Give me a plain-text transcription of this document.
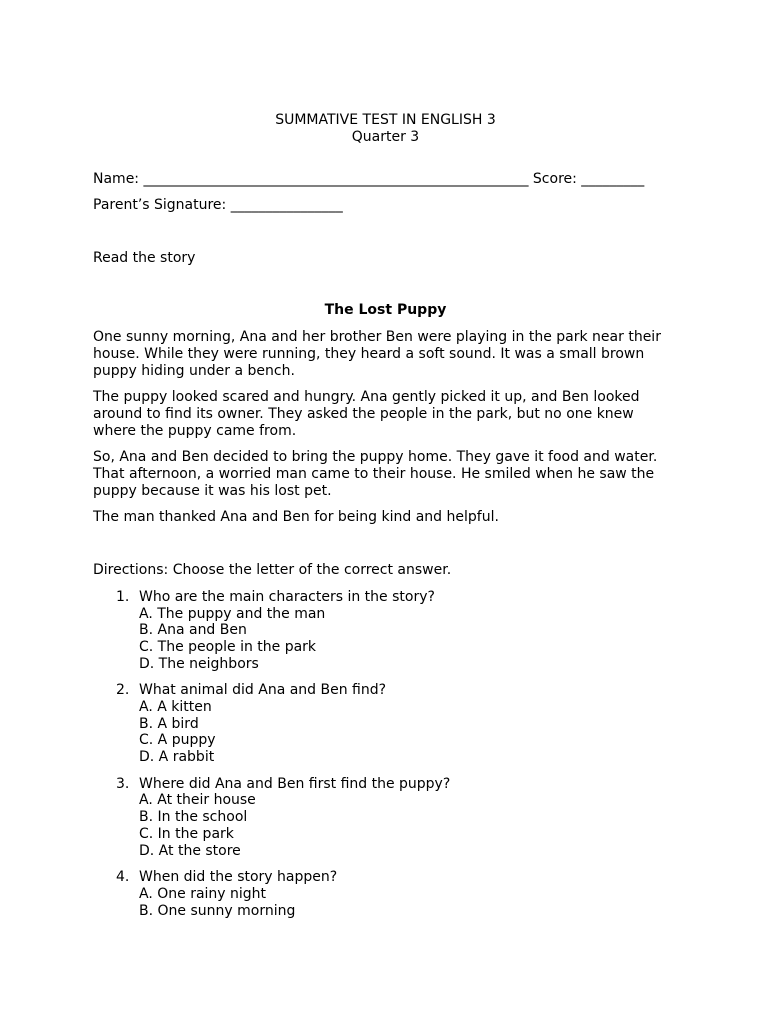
SUMMATIVE TEST IN ENGLISH 3
Quarter 3
Name: _______________________________________________________ Score: _________
Parent’s Signature: ________________
Read the story
The Lost Puppy

One sunny morning, Ana and her brother Ben were playing in the park near their house. While they were running, they heard a soft sound. It was a small brown puppy hiding under a bench.

The puppy looked scared and hungry. Ana gently picked it up, and Ben looked around to find its owner. They asked the people in the park, but no one knew where the puppy came from.

So, Ana and Ben decided to bring the puppy home. They gave it food and water. That afternoon, a worried man came to their house. He smiled when he saw the puppy because it was his lost pet.

The man thanked Ana and Ben for being kind and helpful.

Directions: Choose the letter of the correct answer.

1. Who are the main characters in the story?
A. The puppy and the man
B. Ana and Ben
C. The people in the park
D. The neighbors
2. What animal did Ana and Ben find?
A. A kitten
B. A bird
C. A puppy
D. A rabbit
3. Where did Ana and Ben first find the puppy?
A. At their house
B. In the school
C. In the park
D. At the store
4. When did the story happen?
A. One rainy night
B. One sunny morning
